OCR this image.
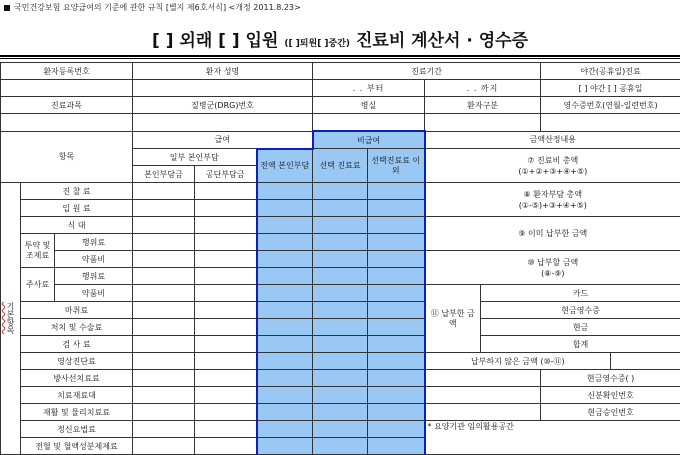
국민건강보험 요양급여의 기준에 관한 규칙 [별지 제6호서식] <개정 2011.8.23>
[ ] 외래 [ ] 입원 ([ ]퇴원[ ]중간) 진료비 계산서 · 영수증
환자등록번호			환자 성명			진료기간				야간(공휴일)진료	
						. . 부터		. . 까지		[ ] 야간 [ ] 공휴일	
진료과목			질병군(DRG)번호			병실		환자구분		영수증번호(연월-일련번호)	

항목			급여			비급여		금액산정내용			
			일부 본인부담		전액 본인부담	선택 진료료	선택진료료 이외	⑦ 진료비 총액
(①+②+③+④+⑤)			
			본인부담금	공단부담금							
기본항목	진 찰 료							⑧ 환자부담 총액
(①-⑤)+③+④+⑤)			
	입 원 료										
	식 대							⑨ 이미 납부한 금액			
	투약 및 조제료	행위료									
		약품비						⑩ 납부할 금액
(⑧-⑨)			
	주사료	행위료									
		약품비						⑪ 납부한 금액	카드		
	마취료								현금영수증		
	처치 및 수술료								현금		
	검 사 료								합계		
	영상진단료							납부하지 않은 금액 (⑩-⑪)			
	방사선치료료									현금영수증( )	
	치료재료대									신분확인번호	
	재활 및 물리치료료									현금승인번호	
	정신요법료							* 요양기관 임의활용공간			
	전혈 및 혈액성분제제료										
